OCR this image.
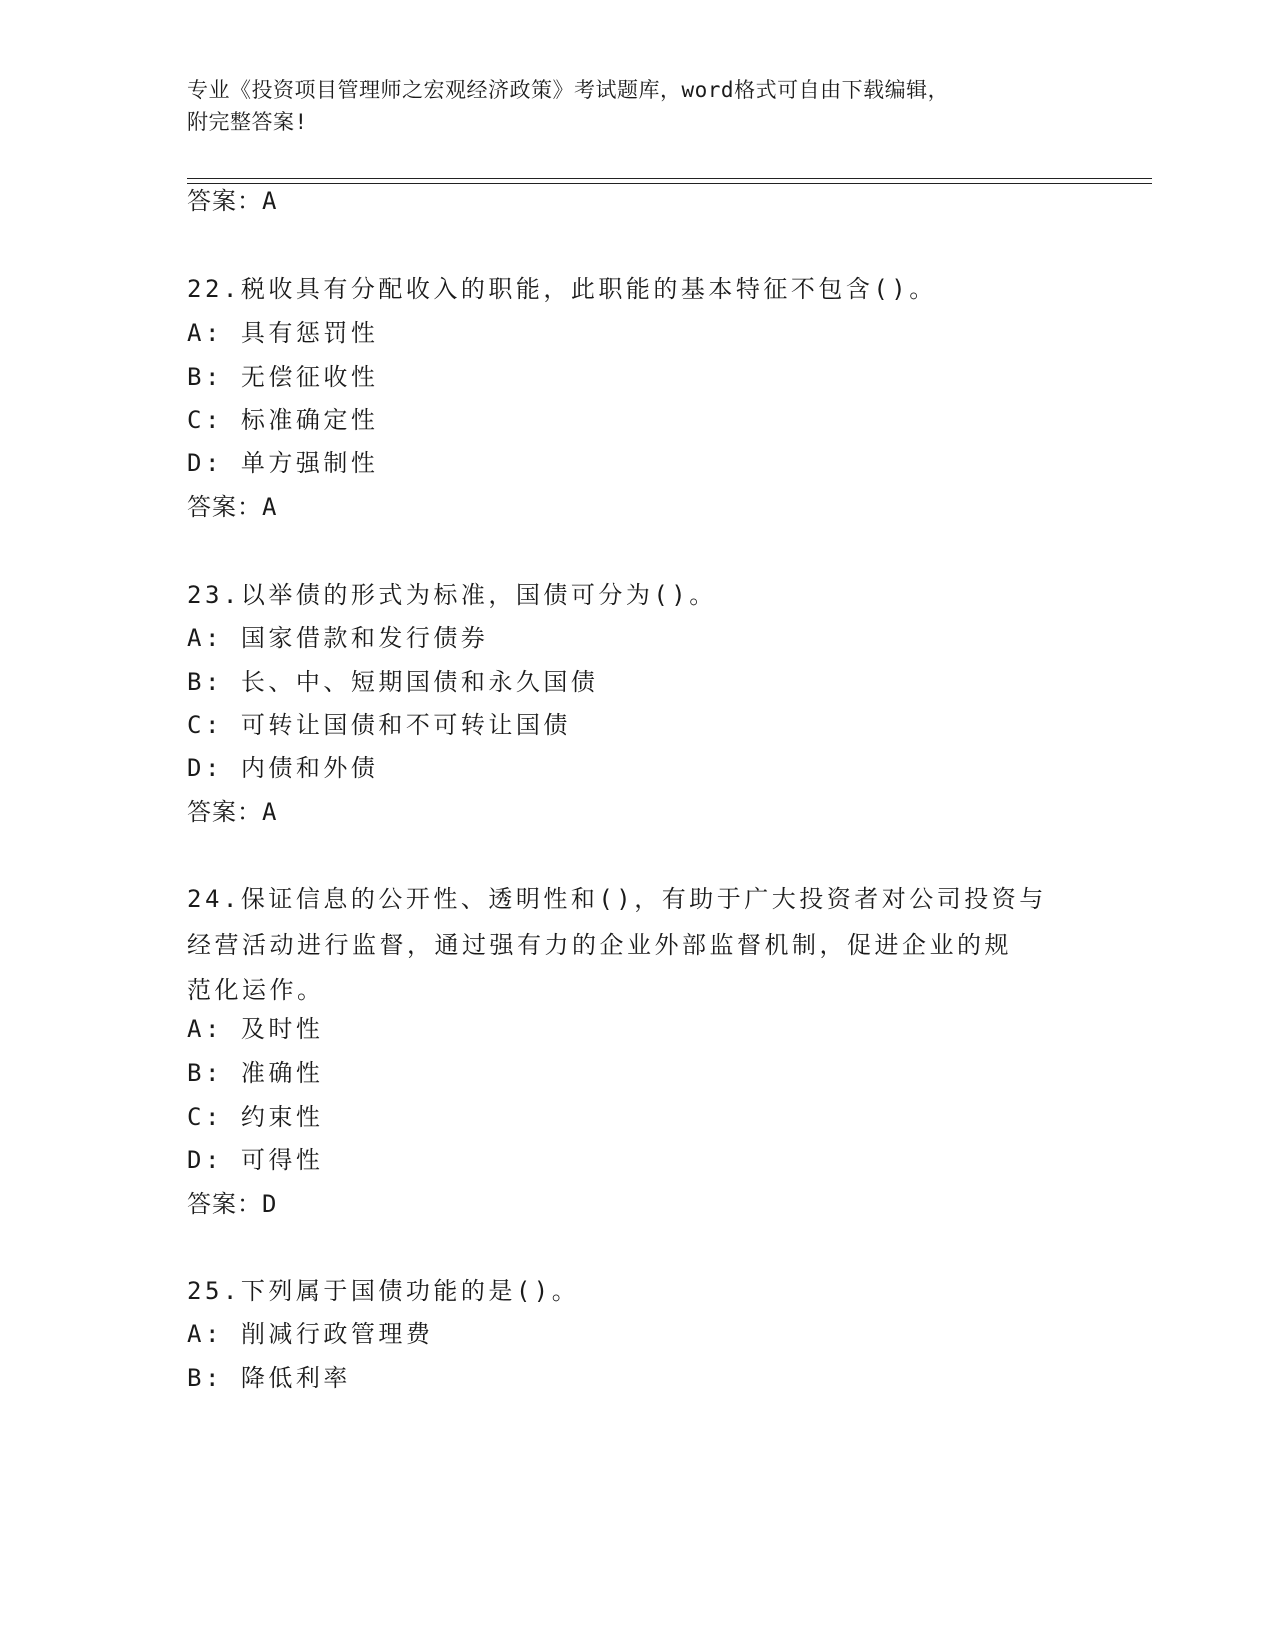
专业《投资项目管理师之宏观经济政策》考试题库，word格式可自由下载编辑，
附完整答案!
答案：A
22.税收具有分配收入的职能，此职能的基本特征不包含()。
A: 具有惩罚性
B: 无偿征收性
C: 标准确定性
D: 单方强制性
答案：A
23.以举债的形式为标准，国债可分为()。
A: 国家借款和发行债券
B: 长、中、短期国债和永久国债
C: 可转让国债和不可转让国债
D: 内债和外债
答案：A
24.保证信息的公开性、透明性和()，有助于广大投资者对公司投资与
经营活动进行监督，通过强有力的企业外部监督机制，促进企业的规
范化运作。
A: 及时性
B: 准确性
C: 约束性
D: 可得性
答案：D
25.下列属于国债功能的是()。
A: 削减行政管理费
B: 降低利率
